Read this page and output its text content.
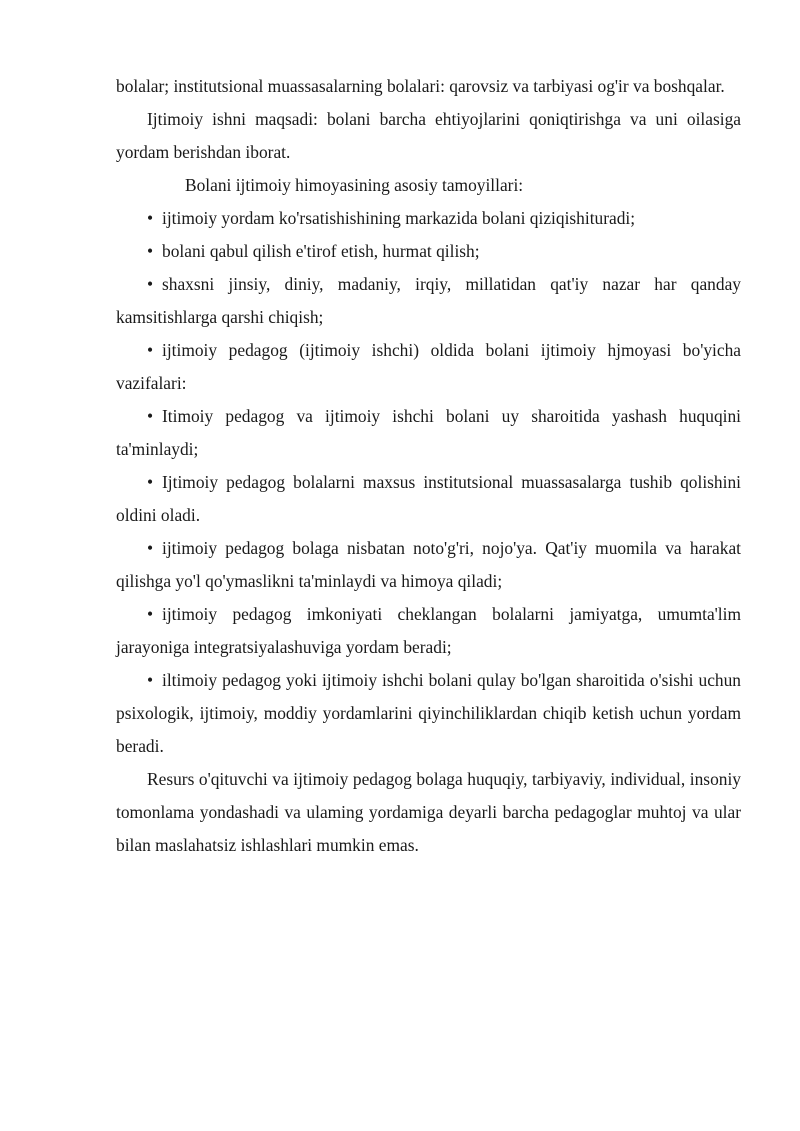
bolalar; institutsional muassasalarning bolalari: qarovsiz va tarbiyasi og'ir va boshqalar.

Ijtimoiy ishni maqsadi: bolani barcha ehtiyojlarini qoniqtirishga va uni oilasiga yordam berishdan iborat.

Bolani ijtimoiy himoyasining asosiy tamoyillari:

• ijtimoiy yordam ko'rsatishishining markazida bolani qiziqishituradi;
• bolani qabul qilish e'tirof etish, hurmat qilish;
• shaxsni jinsiy, diniy, madaniy, irqiy, millatidan qat'iy nazar har qanday kamsitishlarga qarshi chiqish;
• ijtimoiy pedagog (ijtimoiy ishchi) oldida bolani ijtimoiy hjmoyasi bo'yicha vazifalari:
• Itimoiy pedagog va ijtimoiy ishchi bolani uy sharoitida yashash huquqini ta'minlaydi;
• Ijtimoiy pedagog bolalarni maxsus institutsional muassasalarga tushib qolishini oldini oladi.
• ijtimoiy pedagog bolaga nisbatan noto'g'ri, nojo'ya. Qat'iy muomila va harakat qilishga yo'l qo'ymaslikni ta'minlaydi va himoya qiladi;
• ijtimoiy pedagog imkoniyati cheklangan bolalarni jamiyatga, umumta'lim jarayoniga integratsiyalashuviga yordam beradi;
• iltimoiy pedagog yoki ijtimoiy ishchi bolani qulay bo'lgan sharoitida o'sishi uchun psixologik, ijtimoiy, moddiy yordamlarini qiyinchiliklardan chiqib ketish uchun yordam beradi.

Resurs o'qituvchi va ijtimoiy pedagog bolaga huquqiy, tarbiyaviy, individual, insoniy tomonlama yondashadi va ulaming yordamiga deyarli barcha pedagoglar muhtoj va ular bilan maslahatsiz ishlashlari mumkin emas.
